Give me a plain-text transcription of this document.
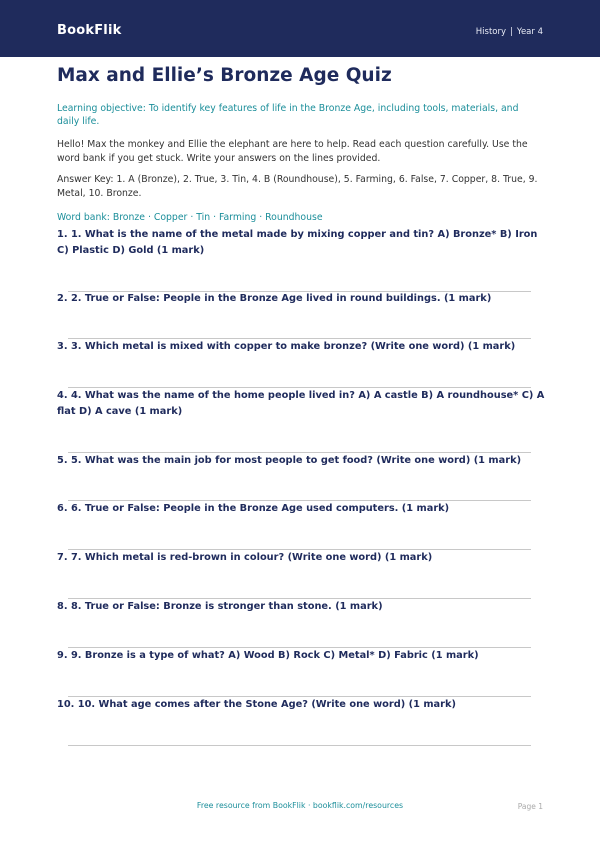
BookFlik	History | Year 4
Max and Ellie’s Bronze Age Quiz

Learning objective: To identify key features of life in the Bronze Age, including tools, materials, and daily life.

Hello! Max the monkey and Ellie the elephant are here to help. Read each question carefully. Use the word bank if you get stuck. Write your answers on the lines provided.

Answer Key: 1. A (Bronze), 2. True, 3. Tin, 4. B (Roundhouse), 5. Farming, 6. False, 7. Copper, 8. True, 9. Metal, 10. Bronze.

Word bank: Bronze · Copper · Tin · Farming · Roundhouse

1. 1. What is the name of the metal made by mixing copper and tin? A) Bronze* B) Iron C) Plastic D) Gold (1 mark)
2. 2. True or False: People in the Bronze Age lived in round buildings. (1 mark)
3. 3. Which metal is mixed with copper to make bronze? (Write one word) (1 mark)
4. 4. What was the name of the home people lived in? A) A castle B) A roundhouse* C) A flat D) A cave (1 mark)
5. 5. What was the main job for most people to get food? (Write one word) (1 mark)
6. 6. True or False: People in the Bronze Age used computers. (1 mark)
7. 7. Which metal is red-brown in colour? (Write one word) (1 mark)
8. 8. True or False: Bronze is stronger than stone. (1 mark)
9. 9. Bronze is a type of what? A) Wood B) Rock C) Metal* D) Fabric (1 mark)
10. 10. What age comes after the Stone Age? (Write one word) (1 mark)
Free resource from BookFlik · bookflik.com/resources	Page 1
